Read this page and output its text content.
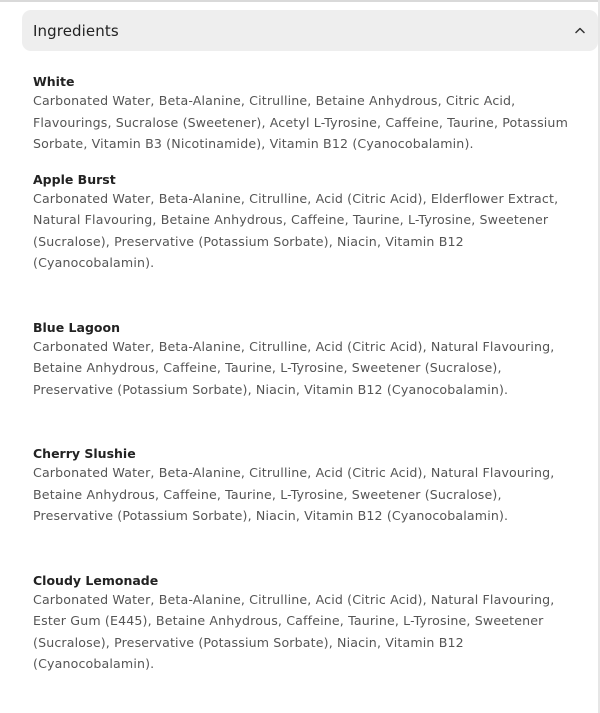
Ingredients

White

Carbonated Water, Beta-Alanine, Citrulline, Betaine Anhydrous, Citric Acid, Flavourings, Sucralose (Sweetener), Acetyl L-Tyrosine, Caffeine, Taurine, Potassium Sorbate, Vitamin B3 (Nicotinamide), Vitamin B12 (Cyanocobalamin).

Apple Burst

Carbonated Water, Beta-Alanine, Citrulline, Acid (Citric Acid), Elderflower Extract, Natural Flavouring, Betaine Anhydrous, Caffeine, Taurine, L-Tyrosine, Sweetener (Sucralose), Preservative (Potassium Sorbate), Niacin, Vitamin B12 (Cyanocobalamin).

Blue Lagoon

Carbonated Water, Beta-Alanine, Citrulline, Acid (Citric Acid), Natural Flavouring, Betaine Anhydrous, Caffeine, Taurine, L-Tyrosine, Sweetener (Sucralose), Preservative (Potassium Sorbate), Niacin, Vitamin B12 (Cyanocobalamin).

Cherry Slushie

Carbonated Water, Beta-Alanine, Citrulline, Acid (Citric Acid), Natural Flavouring, Betaine Anhydrous, Caffeine, Taurine, L-Tyrosine, Sweetener (Sucralose), Preservative (Potassium Sorbate), Niacin, Vitamin B12 (Cyanocobalamin).

Cloudy Lemonade

Carbonated Water, Beta-Alanine, Citrulline, Acid (Citric Acid), Natural Flavouring, Ester Gum (E445), Betaine Anhydrous, Caffeine, Taurine, L-Tyrosine, Sweetener (Sucralose), Preservative (Potassium Sorbate), Niacin, Vitamin B12 (Cyanocobalamin).
